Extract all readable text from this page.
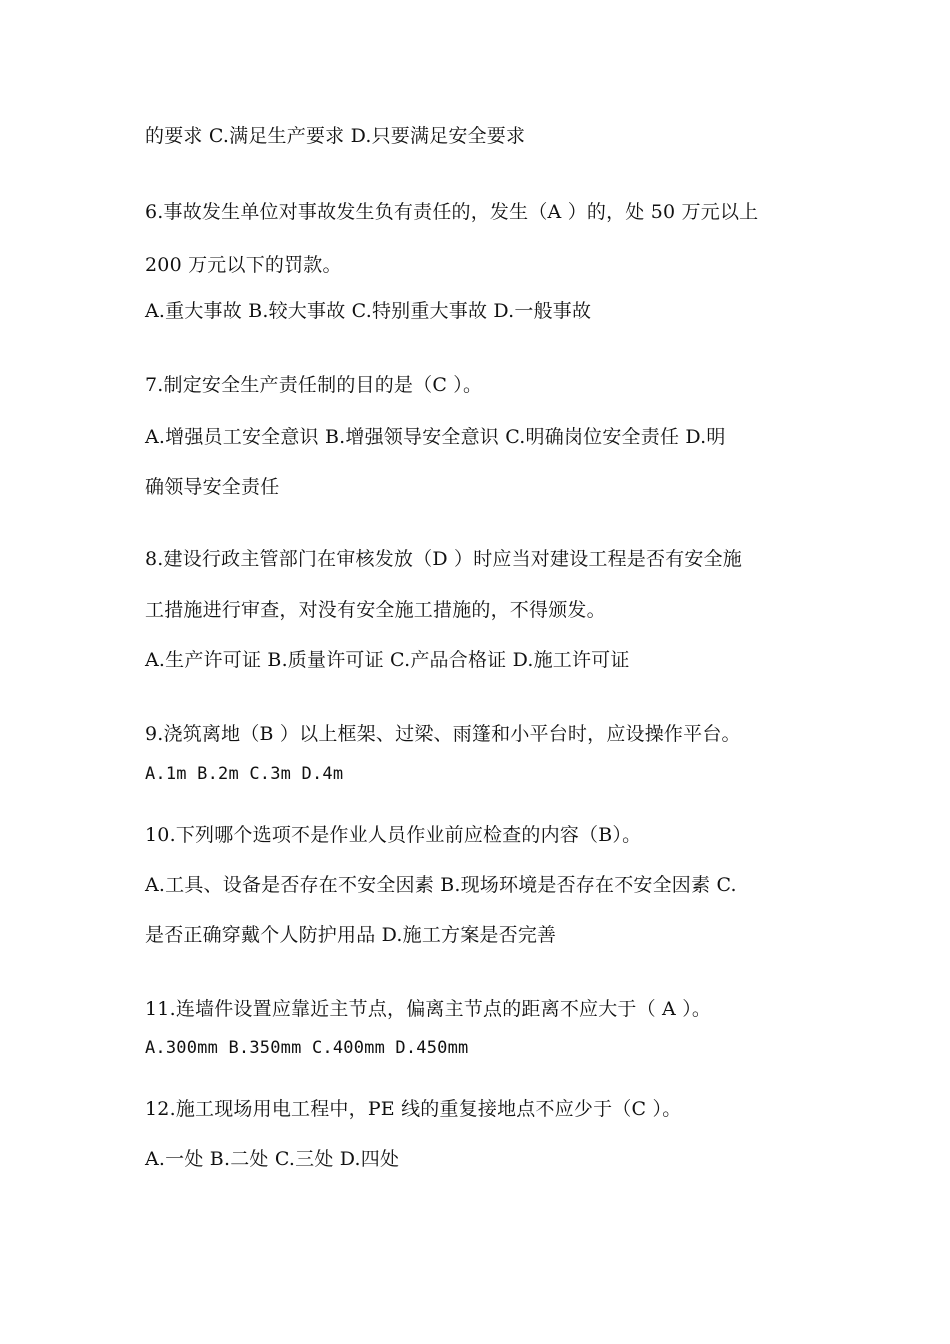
的要求 C.满足生产要求 D.只要满足安全要求
6.事故发生单位对事故发生负有责任的，发生（A ）的，处 50 万元以上
200 万元以下的罚款。
A.重大事故 B.较大事故 C.特别重大事故 D.一般事故
7.制定安全生产责任制的目的是（C ）。
A.增强员工安全意识 B.增强领导安全意识 C.明确岗位安全责任 D.明
确领导安全责任
8.建设行政主管部门在审核发放（D ）时应当对建设工程是否有安全施
工措施进行审查，对没有安全施工措施的，不得颁发。
A.生产许可证 B.质量许可证 C.产品合格证 D.施工许可证
9.浇筑离地（B ）以上框架、过梁、雨篷和小平台时，应设操作平台。
A.1m B.2m C.3m D.4m
10.下列哪个选项不是作业人员作业前应检查的内容（B）。
A.工具、设备是否存在不安全因素 B.现场环境是否存在不安全因素 C.
是否正确穿戴个人防护用品 D.施工方案是否完善
11.连墙件设置应靠近主节点，偏离主节点的距离不应大于（ A ）。
A.300mm B.350mm C.400mm D.450mm
12.施工现场用电工程中，PE 线的重复接地点不应少于（C ）。
A.一处 B.二处 C.三处 D.四处
